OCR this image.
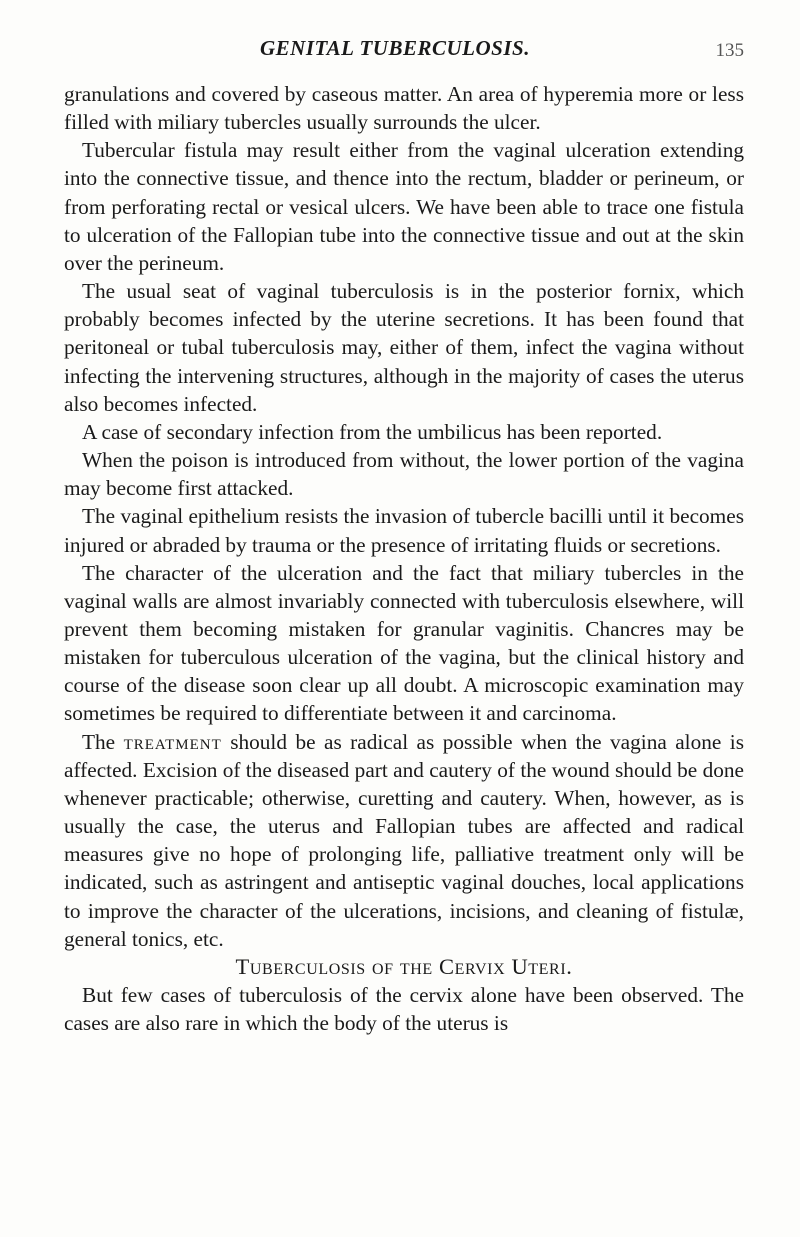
GENITAL TUBERCULOSIS.	135

granulations and covered by caseous matter. An area of hyperemia more or less filled with miliary tubercles usually surrounds the ulcer.

Tubercular fistula may result either from the vaginal ulceration extending into the connective tissue, and thence into the rectum, bladder or perineum, or from perforating rectal or vesical ulcers. We have been able to trace one fistula to ulceration of the Fallopian tube into the connective tissue and out at the skin over the perineum.

The usual seat of vaginal tuberculosis is in the posterior fornix, which probably becomes infected by the uterine secretions. It has been found that peritoneal or tubal tuberculosis may, either of them, infect the vagina without infecting the intervening structures, although in the majority of cases the uterus also becomes infected.

A case of secondary infection from the umbilicus has been reported.

When the poison is introduced from without, the lower portion of the vagina may become first attacked.

The vaginal epithelium resists the invasion of tubercle bacilli until it becomes injured or abraded by trauma or the presence of irritating fluids or secretions.

The character of the ulceration and the fact that miliary tubercles in the vaginal walls are almost invariably connected with tuberculosis elsewhere, will prevent them becoming mistaken for granular vaginitis. Chancres may be mistaken for tuberculous ulceration of the vagina, but the clinical history and course of the disease soon clear up all doubt. A microscopic examination may sometimes be required to differentiate between it and carcinoma.

The treatment should be as radical as possible when the vagina alone is affected. Excision of the diseased part and cautery of the wound should be done whenever practicable; otherwise, curetting and cautery. When, however, as is usually the case, the uterus and Fallopian tubes are affected and radical measures give no hope of prolonging life, palliative treatment only will be indicated, such as astringent and antiseptic vaginal douches, local applications to improve the character of the ulcerations, incisions, and cleaning of fistulæ, general tonics, etc.

Tuberculosis of the Cervix Uteri.

But few cases of tuberculosis of the cervix alone have been observed. The cases are also rare in which the body of the uterus is
